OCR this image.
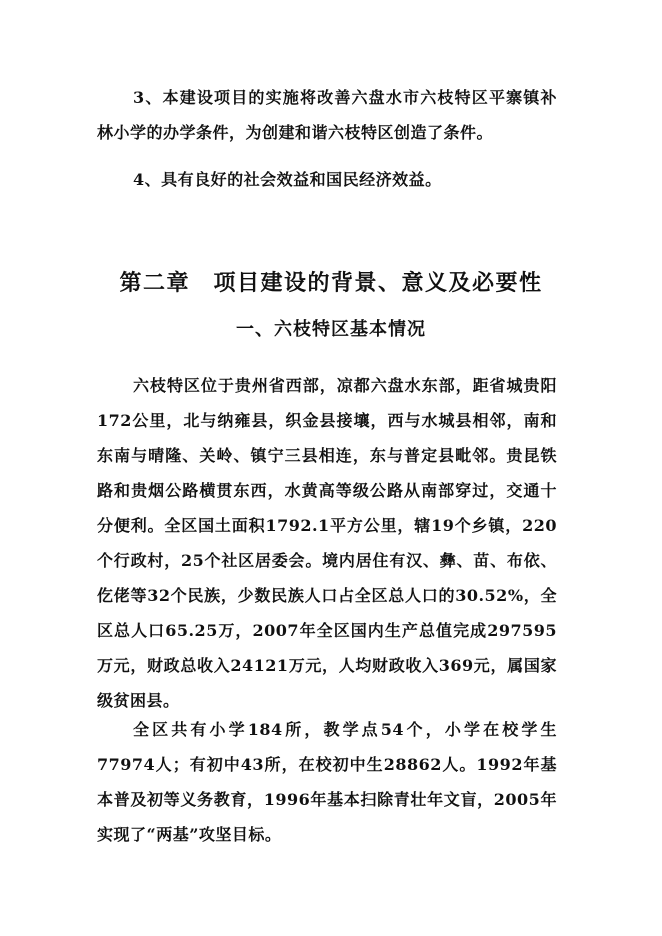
3、本建设项目的实施将改善六盘水市六枝特区平寨镇补林小学的办学条件，为创建和谐六枝特区创造了条件。

4、具有良好的社会效益和国民经济效益。

第二章　项目建设的背景、意义及必要性
一、六枝特区基本情况

六枝特区位于贵州省西部，凉都六盘水东部，距省城贵阳172公里，北与纳雍县，织金县接壤，西与水城县相邻，南和东南与晴隆、关岭、镇宁三县相连，东与普定县毗邻。贵昆铁路和贵烟公路横贯东西，水黄高等级公路从南部穿过，交通十分便利。全区国土面积1792.1平方公里，辖19个乡镇，220个行政村，25个社区居委会。境内居住有汉、彝、苗、布依、仡佬等32个民族，少数民族人口占全区总人口的30.52%，全区总人口65.25万，2007年全区国内生产总值完成297595万元，财政总收入24121万元，人均财政收入369元，属国家级贫困县。

全区共有小学184所，教学点54个，小学在校学生77974人；有初中43所，在校初中生28862人。1992年基本普及初等义务教育，1996年基本扫除青壮年文盲，2005年实现了“两基”攻坚目标。
